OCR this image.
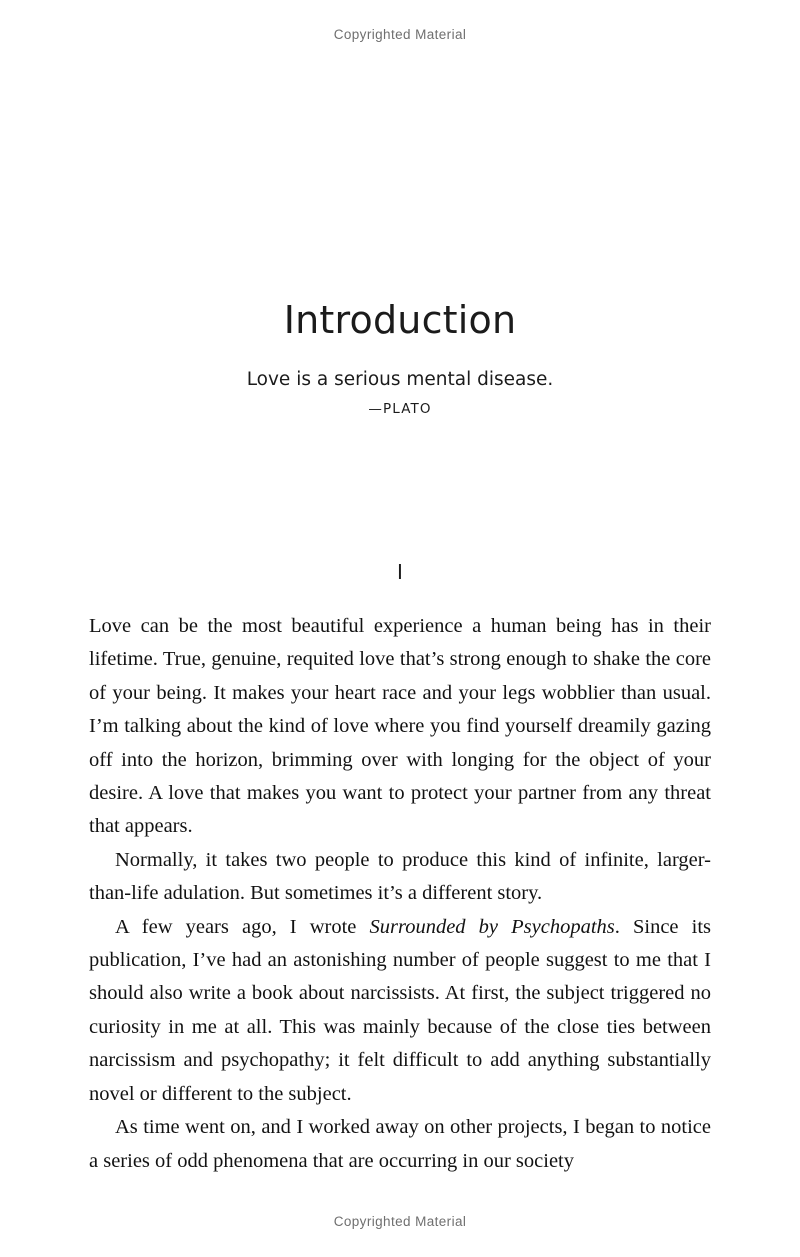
Copyrighted Material
Introduction
Love is a serious mental disease.
—PLATO
I

Love can be the most beautiful experience a human being has in their lifetime. True, genuine, requited love that’s strong enough to shake the core of your being. It makes your heart race and your legs wobblier than usual. I’m talking about the kind of love where you find yourself dreamily gazing off into the horizon, brimming over with longing for the object of your desire. A love that makes you want to protect your partner from any threat that appears.

Normally, it takes two people to produce this kind of infinite, larger-than-life adulation. But sometimes it’s a different story.

A few years ago, I wrote Surrounded by Psychopaths. Since its publication, I’ve had an astonishing number of people suggest to me that I should also write a book about narcissists. At first, the subject triggered no curiosity in me at all. This was mainly because of the close ties between narcissism and psychopathy; it felt difficult to add anything substantially novel or different to the subject.

As time went on, and I worked away on other projects, I began to notice a series of odd phenomena that are occurring in our society

Copyrighted Material
